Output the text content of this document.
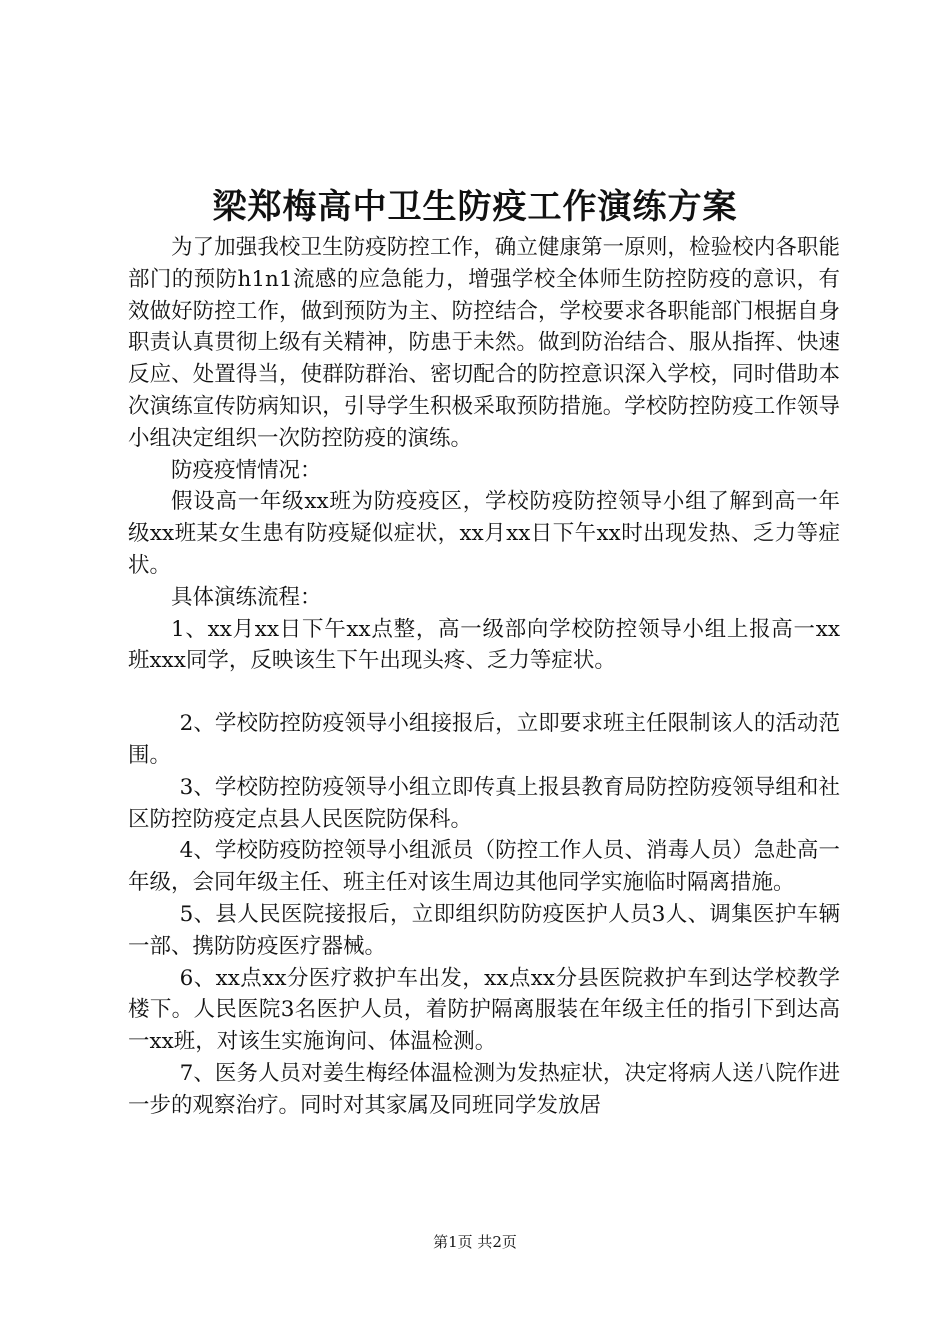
梁郑梅高中卫生防疫工作演练方案

为了加强我校卫生防疫防控工作，确立健康第一原则，检验校内各职能部门的预防h1n1流感的应急能力，增强学校全体师生防控防疫的意识，有效做好防控工作，做到预防为主、防控结合，学校要求各职能部门根据自身职责认真贯彻上级有关精神，防患于未然。做到防治结合、服从指挥、快速反应、处置得当，使群防群治、密切配合的防控意识深入学校，同时借助本次演练宣传防病知识，引导学生积极采取预防措施。学校防控防疫工作领导小组决定组织一次防控防疫的演练。

防疫疫情情况：

假设高一年级xx班为防疫疫区，学校防疫防控领导小组了解到高一年级xx班某女生患有防疫疑似症状，xx月xx日下午xx时出现发热、乏力等症状。

具体演练流程：

1、xx月xx日下午xx点整，高一级部向学校防控领导小组上报高一xx班xxx同学，反映该生下午出现头疼、乏力等症状。

2、学校防控防疫领导小组接报后，立即要求班主任限制该人的活动范围。

3、学校防控防疫领导小组立即传真上报县教育局防控防疫领导组和社区防控防疫定点县人民医院防保科。

4、学校防疫防控领导小组派员（防控工作人员、消毒人员）急赴高一年级，会同年级主任、班主任对该生周边其他同学实施临时隔离措施。

5、县人民医院接报后，立即组织防防疫医护人员3人、调集医护车辆一部、携防防疫医疗器械。

6、xx点xx分医疗救护车出发，xx点xx分县医院救护车到达学校教学楼下。人民医院3名医护人员，着防护隔离服装在年级主任的指引下到达高一xx班，对该生实施询问、体温检测。

7、医务人员对姜生梅经体温检测为发热症状，决定将病人送八院作进一步的观察治疗。同时对其家属及同班同学发放居

第1页 共2页
